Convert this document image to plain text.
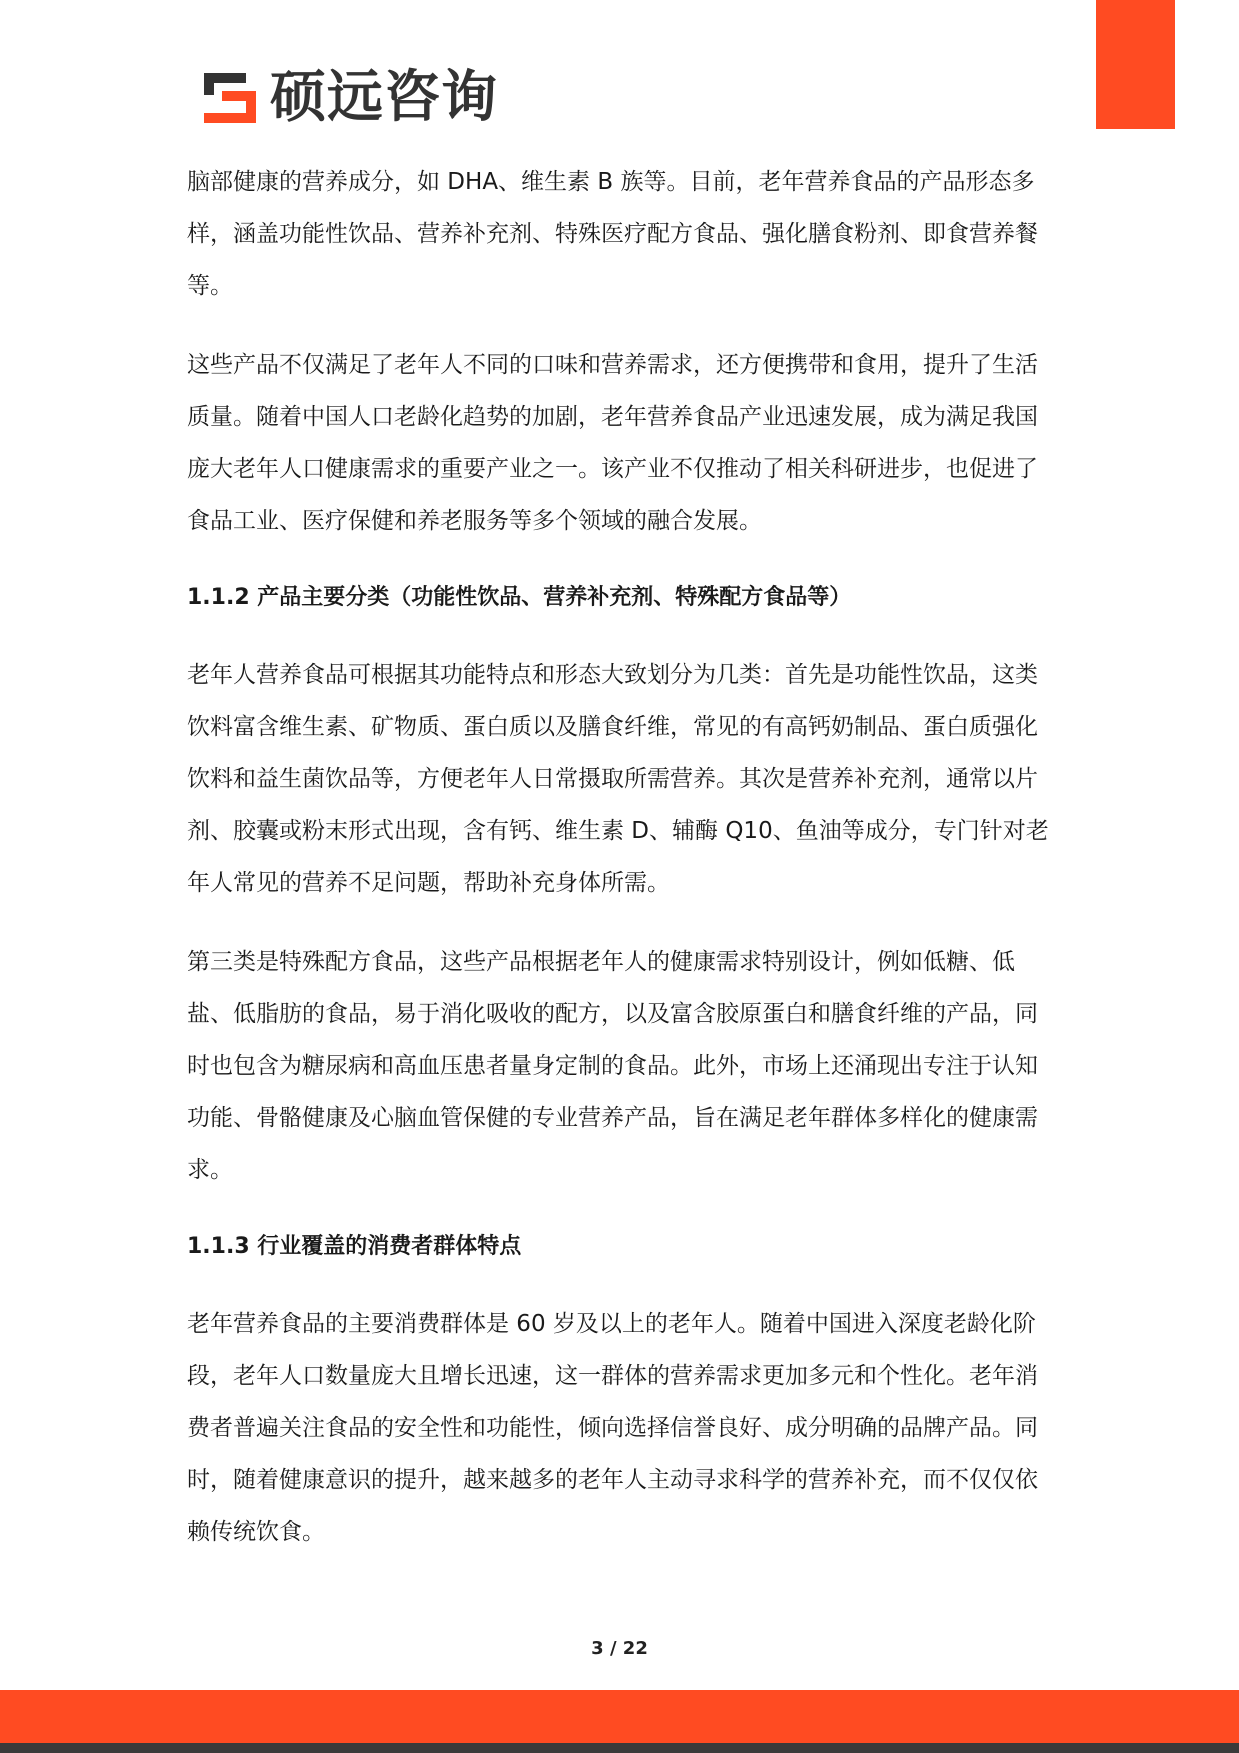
硕远咨询

脑部健康的营养成分，如 DHA、维生素 B 族等。目前，老年营养食品的产品形态多样，涵盖功能性饮品、营养补充剂、特殊医疗配方食品、强化膳食粉剂、即食营养餐等。

这些产品不仅满足了老年人不同的口味和营养需求，还方便携带和食用，提升了生活质量。随着中国人口老龄化趋势的加剧，老年营养食品产业迅速发展，成为满足我国庞大老年人口健康需求的重要产业之一。该产业不仅推动了相关科研进步，也促进了食品工业、医疗保健和养老服务等多个领域的融合发展。

1.1.2 产品主要分类（功能性饮品、营养补充剂、特殊配方食品等）

老年人营养食品可根据其功能特点和形态大致划分为几类：首先是功能性饮品，这类饮料富含维生素、矿物质、蛋白质以及膳食纤维，常见的有高钙奶制品、蛋白质强化饮料和益生菌饮品等，方便老年人日常摄取所需营养。其次是营养补充剂，通常以片剂、胶囊或粉末形式出现，含有钙、维生素 D、辅酶 Q10、鱼油等成分，专门针对老年人常见的营养不足问题，帮助补充身体所需。

第三类是特殊配方食品，这些产品根据老年人的健康需求特别设计，例如低糖、低盐、低脂肪的食品，易于消化吸收的配方，以及富含胶原蛋白和膳食纤维的产品，同时也包含为糖尿病和高血压患者量身定制的食品。此外，市场上还涌现出专注于认知功能、骨骼健康及心脑血管保健的专业营养产品，旨在满足老年群体多样化的健康需求。

1.1.3 行业覆盖的消费者群体特点

老年营养食品的主要消费群体是 60 岁及以上的老年人。随着中国进入深度老龄化阶段，老年人口数量庞大且增长迅速，这一群体的营养需求更加多元和个性化。老年消费者普遍关注食品的安全性和功能性，倾向选择信誉良好、成分明确的品牌产品。同时，随着健康意识的提升，越来越多的老年人主动寻求科学的营养补充，而不仅仅依赖传统饮食。

3 / 22
